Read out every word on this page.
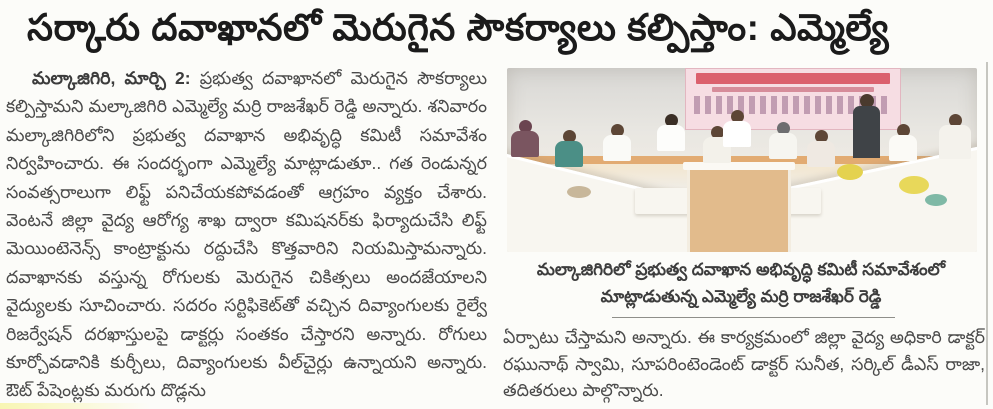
సర్కారు దవాఖానలో మెరుగైన సౌకర్యాలు కల్పిస్తాం: ఎమ్మెల్యే

మల్కాజిగిరి, మార్చి 2: ప్రభుత్వ దవాఖానలో మెరుగైన సౌకర్యాలు కల్పిస్తామని మల్కాజిగిరి ఎమ్మెల్యే మర్రి రాజశేఖర్ రెడ్డి అన్నారు. శనివారం మల్కాజిగిరిలోని ప్రభుత్వ దవాఖాన అభివృద్ధి కమిటీ సమావేశం నిర్వహించారు. ఈ సందర్భంగా ఎమ్మెల్యే మాట్లాడుతూ.. గత రెండున్నర సంవత్సరాలుగా లిఫ్ట్ పనిచేయకపోవడంతో ఆగ్రహం వ్యక్తం చేశారు. వెంటనే జిల్లా వైద్య ఆరోగ్య శాఖ ద్వారా కమిషనర్‌కు ఫిర్యాదుచేసి లిఫ్ట్ మెయింటెనెన్స్ కాంట్రాక్టును రద్దుచేసి కొత్తవారిని నియమిస్తామన్నారు. దవాఖానకు వస్తున్న రోగులకు మెరుగైన చికిత్సలు అందజేయాలని వైద్యులకు సూచించారు. సదరం సర్టిఫికెట్‌తో వచ్చిన దివ్యాంగులకు రైల్వే రిజర్వేషన్ దరఖాస్తులపై డాక్టర్లు సంతకం చేస్తారని అన్నారు. రోగులు కూర్చోవడానికి కుర్చీలు, దివ్యాంగులకు వీల్‌చైర్లు ఉన్నాయని అన్నారు. ఔట్ పేషెంట్లకు మరుగు దొడ్లను

మల్కాజిగిరిలో ప్రభుత్వ దవాఖాన అభివృద్ధి కమిటీ సమావేశంలో
మాట్లాడుతున్న ఎమ్మెల్యే మర్రి రాజశేఖర్ రెడ్డి

ఏర్పాటు చేస్తామని అన్నారు. ఈ కార్యక్రమంలో జిల్లా వైద్య అధికారి డాక్టర్ రఘునాథ్ స్వామి, సూపరింటెండెంట్ డాక్టర్ సునీత, సర్కిల్ డీఎస్ రాజా, తదితరులు పాల్గొన్నారు.
